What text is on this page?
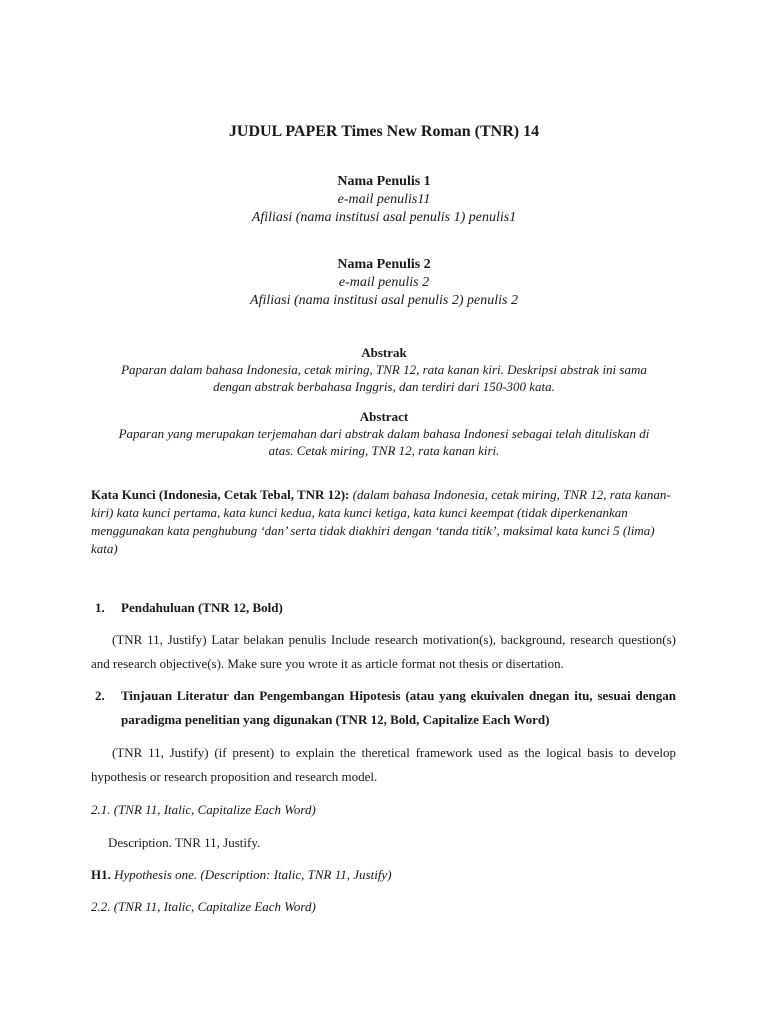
JUDUL PAPER Times New Roman (TNR) 14
Nama Penulis 1
e-mail penulis11
Afiliasi (nama institusi asal penulis 1) penulis1
Nama Penulis 2
e-mail penulis 2
Afiliasi (nama institusi asal penulis 2) penulis 2
Abstrak
Paparan dalam bahasa Indonesia, cetak miring, TNR 12, rata kanan kiri. Deskripsi abstrak ini sama
dengan abstrak berbahasa Inggris, dan terdiri dari 150-300 kata.
Abstract
Paparan yang merupakan terjemahan dari abstrak dalam bahasa Indonesi sebagai telah dituliskan di
atas. Cetak miring, TNR 12, rata kanan kiri.
Kata Kunci (Indonesia, Cetak Tebal, TNR 12): (dalam bahasa Indonesia, cetak miring, TNR 12, rata kanan-kiri) kata kunci pertama, kata kunci kedua, kata kunci ketiga, kata kunci keempat (tidak diperkenankan menggunakan kata penghubung ‘dan’ serta tidak diakhiri dengan ‘tanda titik’, maksimal kata kunci 5 (lima) kata)
1.	Pendahuluan (TNR 12, Bold)
(TNR 11, Justify) Latar belakan penulis Include research motivation(s), background, research question(s) and research objective(s). Make sure you wrote it as article format not thesis or disertation.
2.	Tinjauan Literatur dan Pengembangan Hipotesis (atau yang ekuivalen dnegan itu, sesuai dengan paradigma penelitian yang digunakan (TNR 12, Bold, Capitalize Each Word)
(TNR 11, Justify) (if present) to explain the theretical framework used as the logical basis to develop hypothesis or research proposition and research model.
2.1. (TNR 11, Italic, Capitalize Each Word)
Description. TNR 11, Justify.
H1. Hypothesis one. (Description: Italic, TNR 11, Justify)
2.2. (TNR 11, Italic, Capitalize Each Word)
